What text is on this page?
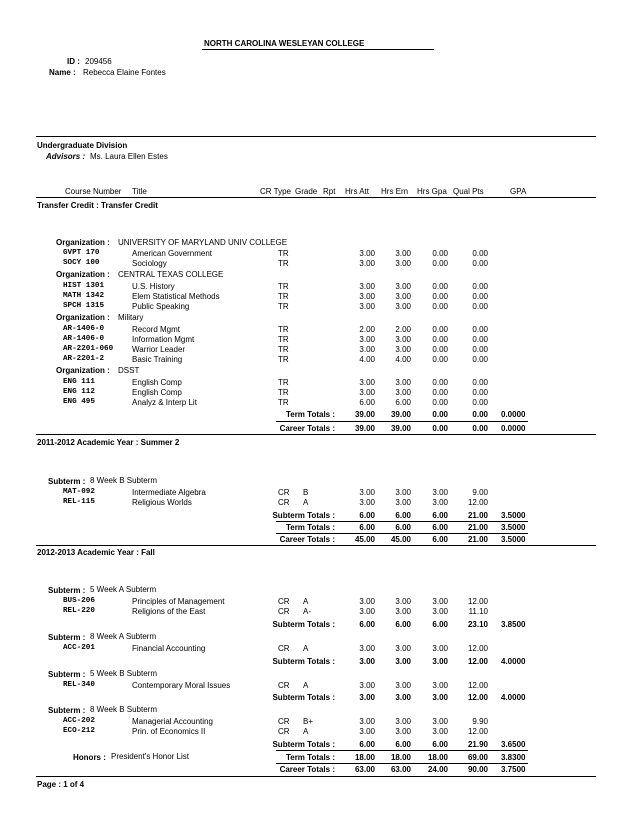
NORTH CAROLINA WESLEYAN COLLEGE
ID : 209456
Name : Rebecca Elaine Fontes
Undergraduate Division
Advisors : Ms. Laura Ellen Estes
Course Number Title	CR Type Grade Rpt Hrs Att Hrs Ern Hrs Gpa Qual Pts	GPA
Transfer Credit : Transfer Credit
Organization : UNIVERSITY OF MARYLAND UNIV COLLEGE
GVPT 170	American Government	TR	3.00	3.00	0.00	0.00
SOCY 100	Sociology	TR	3.00	3.00	0.00	0.00
Organization : CENTRAL TEXAS COLLEGE
HIST 1301	U.S. History	TR	3.00	3.00	0.00	0.00
MATH 1342	Elem Statistical Methods	TR	3.00	3.00	0.00	0.00
SPCH 1315	Public Speaking	TR	3.00	3.00	0.00	0.00
Organization : Military
AR-1406-0	Record Mgmt	TR	2.00	2.00	0.00	0.00
AR-1406-0	Information Mgmt	TR	3.00	3.00	0.00	0.00
AR-2201-060 Warrior Leader	TR	3.00	3.00	0.00	0.00
AR-2201-2	Basic Training	TR	4.00	4.00	0.00	0.00
Organization : DSST
ENG 111	English Comp	TR	3.00	3.00	0.00	0.00
ENG 112	English Comp	TR	3.00	3.00	0.00	0.00
ENG 495	Analyz & Interp Lit	TR	6.00	6.00	0.00	0.00
Term Totals :	39.00	39.00	0.00	0.00 0.0000
Career Totals :	39.00	39.00	0.00	0.00 0.0000
2011-2012 Academic Year : Summer 2
Subterm : 8 Week B Subterm
MAT-092	Intermediate Algebra	CR B	3.00	3.00	3.00	9.00
REL-115	Religious Worlds	CR A	3.00	3.00	3.00	12.00
Subterm Totals :	6.00	6.00	6.00	21.00 3.5000
Term Totals :	6.00	6.00	6.00	21.00 3.5000
Career Totals :	45.00	45.00	6.00	21.00 3.5000
2012-2013 Academic Year : Fall
Subterm : 5 Week A Subterm
BUS-206	Principles of Management	CR A	3.00	3.00	3.00	12.00
REL-220	Religions of the East	CR A-	3.00	3.00	3.00	11.10
Subterm Totals :	6.00	6.00	6.00	23.10 3.8500
Subterm : 8 Week A Subterm
ACC-201	Financial Accounting	CR A	3.00	3.00	3.00	12.00
Subterm Totals :	3.00	3.00	3.00	12.00 4.0000
Subterm : 5 Week B Subterm
REL-340	Contemporary Moral Issues	CR A	3.00	3.00	3.00	12.00
Subterm Totals :	3.00	3.00	3.00	12.00 4.0000
Subterm : 8 Week B Subterm
ACC-202	Managerial Accounting	CR B+	3.00	3.00	3.00	9.90
ECO-212	Prin. of Economics II	CR A	3.00	3.00	3.00	12.00
Subterm Totals :	6.00	6.00	6.00	21.90 3.6500
Honors : President's Honor List	Term Totals :	18.00	18.00	18.00	69.00 3.8300
Career Totals :	63.00	63.00	24.00	90.00 3.7500
Page : 1 of 4
